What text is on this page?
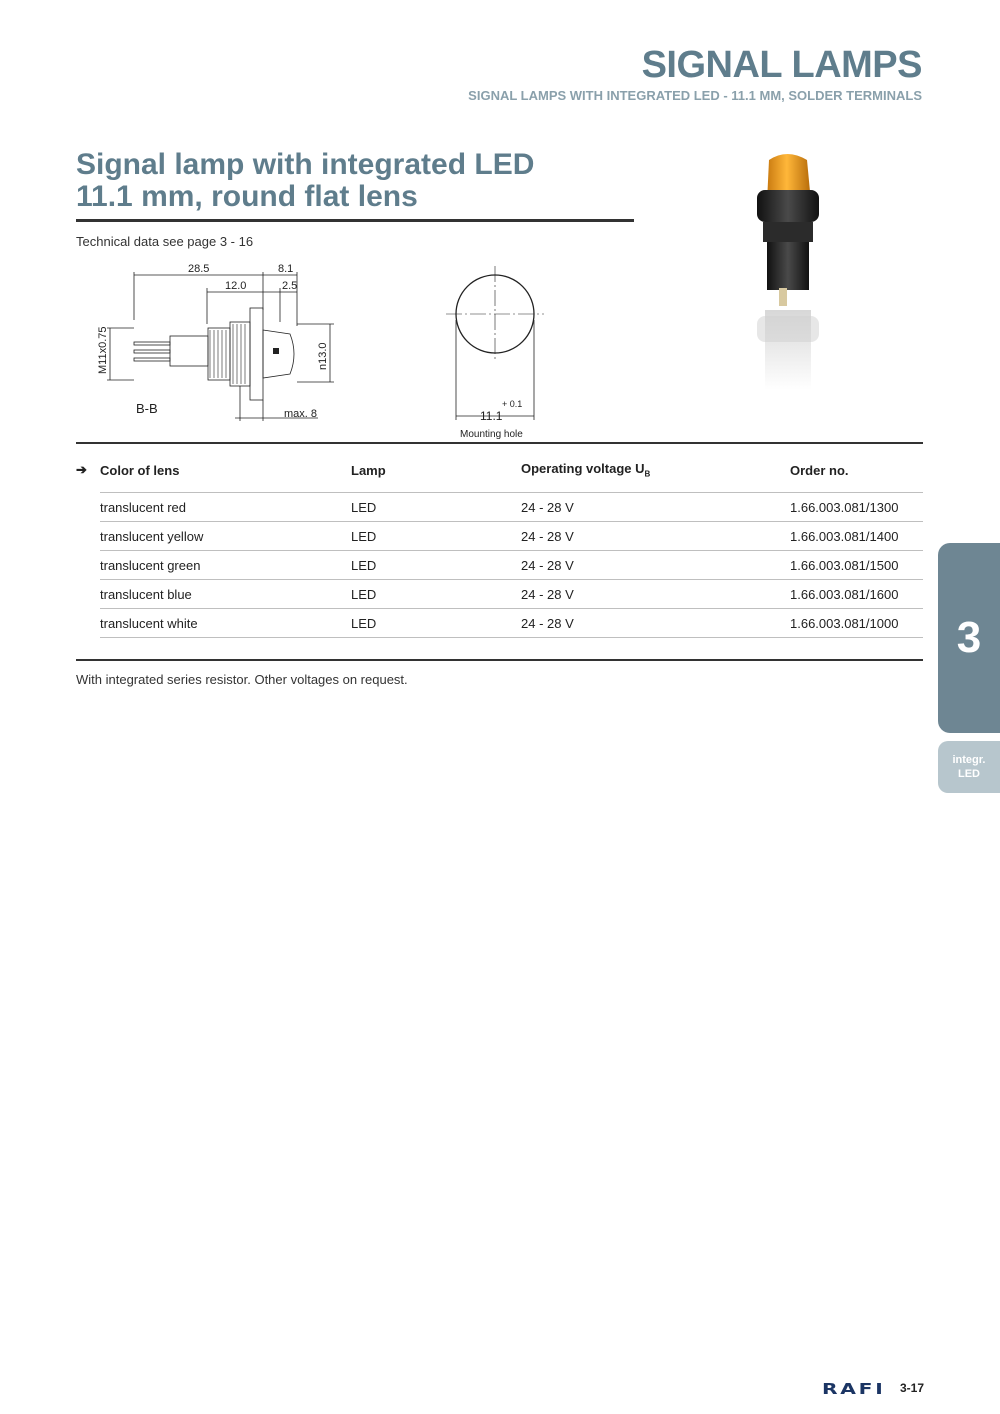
SIGNAL LAMPS
SIGNAL LAMPS WITH INTEGRATED LED - 11.1 MM, SOLDER TERMINALS
Signal lamp with integrated LED
11.1 mm, round flat lens
Technical data see page 3 - 16
28.5	8.1
12.0	2.5
M11x0.75	n13.0
B-B	max. 8	11.1
+ 0.1
Mounting hole
➔	Color of lens	Lamp	Operating voltage $U_B$	Order no.
	translucent red	LED	24 - 28 V	1.66.003.081/1300
	translucent yellow	LED	24 - 28 V	1.66.003.081/1400
	translucent green	LED	24 - 28 V	1.66.003.081/1500
	translucent blue	LED	24 - 28 V	1.66.003.081/1600
	translucent white	LED	24 - 28 V	1.66.003.081/1000
With integrated series resistor. Other voltages on request.
3
integr.
LED
RAFI 3-17
